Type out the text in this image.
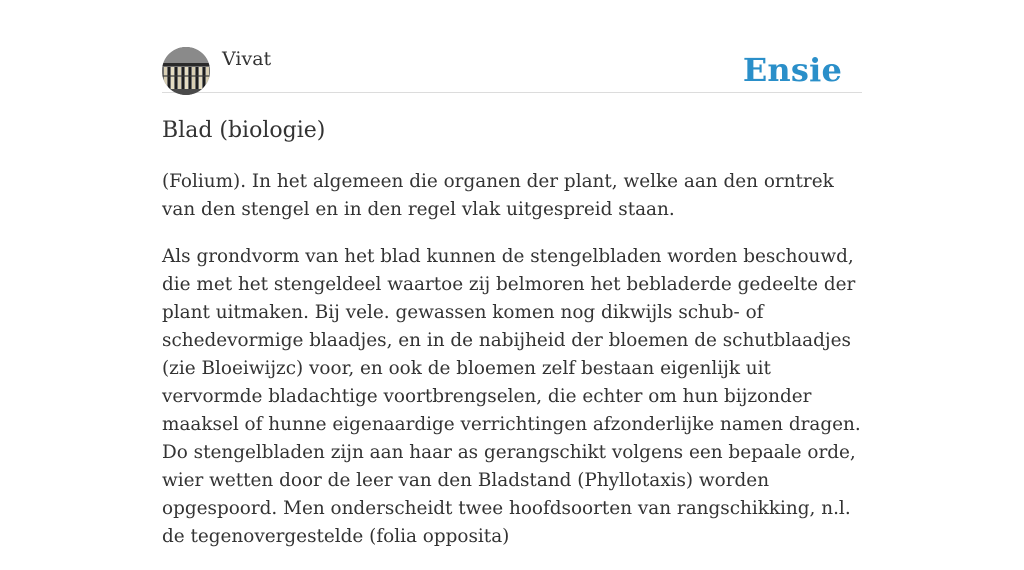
Vivat	Ensie
Blad (biologie)

(Folium). In het algemeen die organen der plant, welke aan den orntrek van den stengel en in den regel vlak uitgespreid staan.

Als grondvorm van het blad kunnen de stengelbladen worden beschouwd, die met het stengeldeel waartoe zij belmoren het bebladerde gedeelte der plant uitmaken. Bij vele. gewassen komen nog dikwijls schub- of schedevormige blaadjes, en in de nabijheid der bloemen de schutblaadjes (zie Bloeiwijzc) voor, en ook de bloemen zelf bestaan eigenlijk uit vervormde bladachtige voortbrengselen, die echter om hun bijzonder maaksel of hunne eigenaardige verrichtingen afzonderlijke namen dragen. Do stengelbladen zijn aan haar as gerangschikt volgens een bepaale orde, wier wetten door de leer van den Bladstand (Phyllotaxis) worden opgespoord. Men onderscheidt twee hoofdsoorten van rangschikking, n.l. de tegenovergestelde (folia opposita)
